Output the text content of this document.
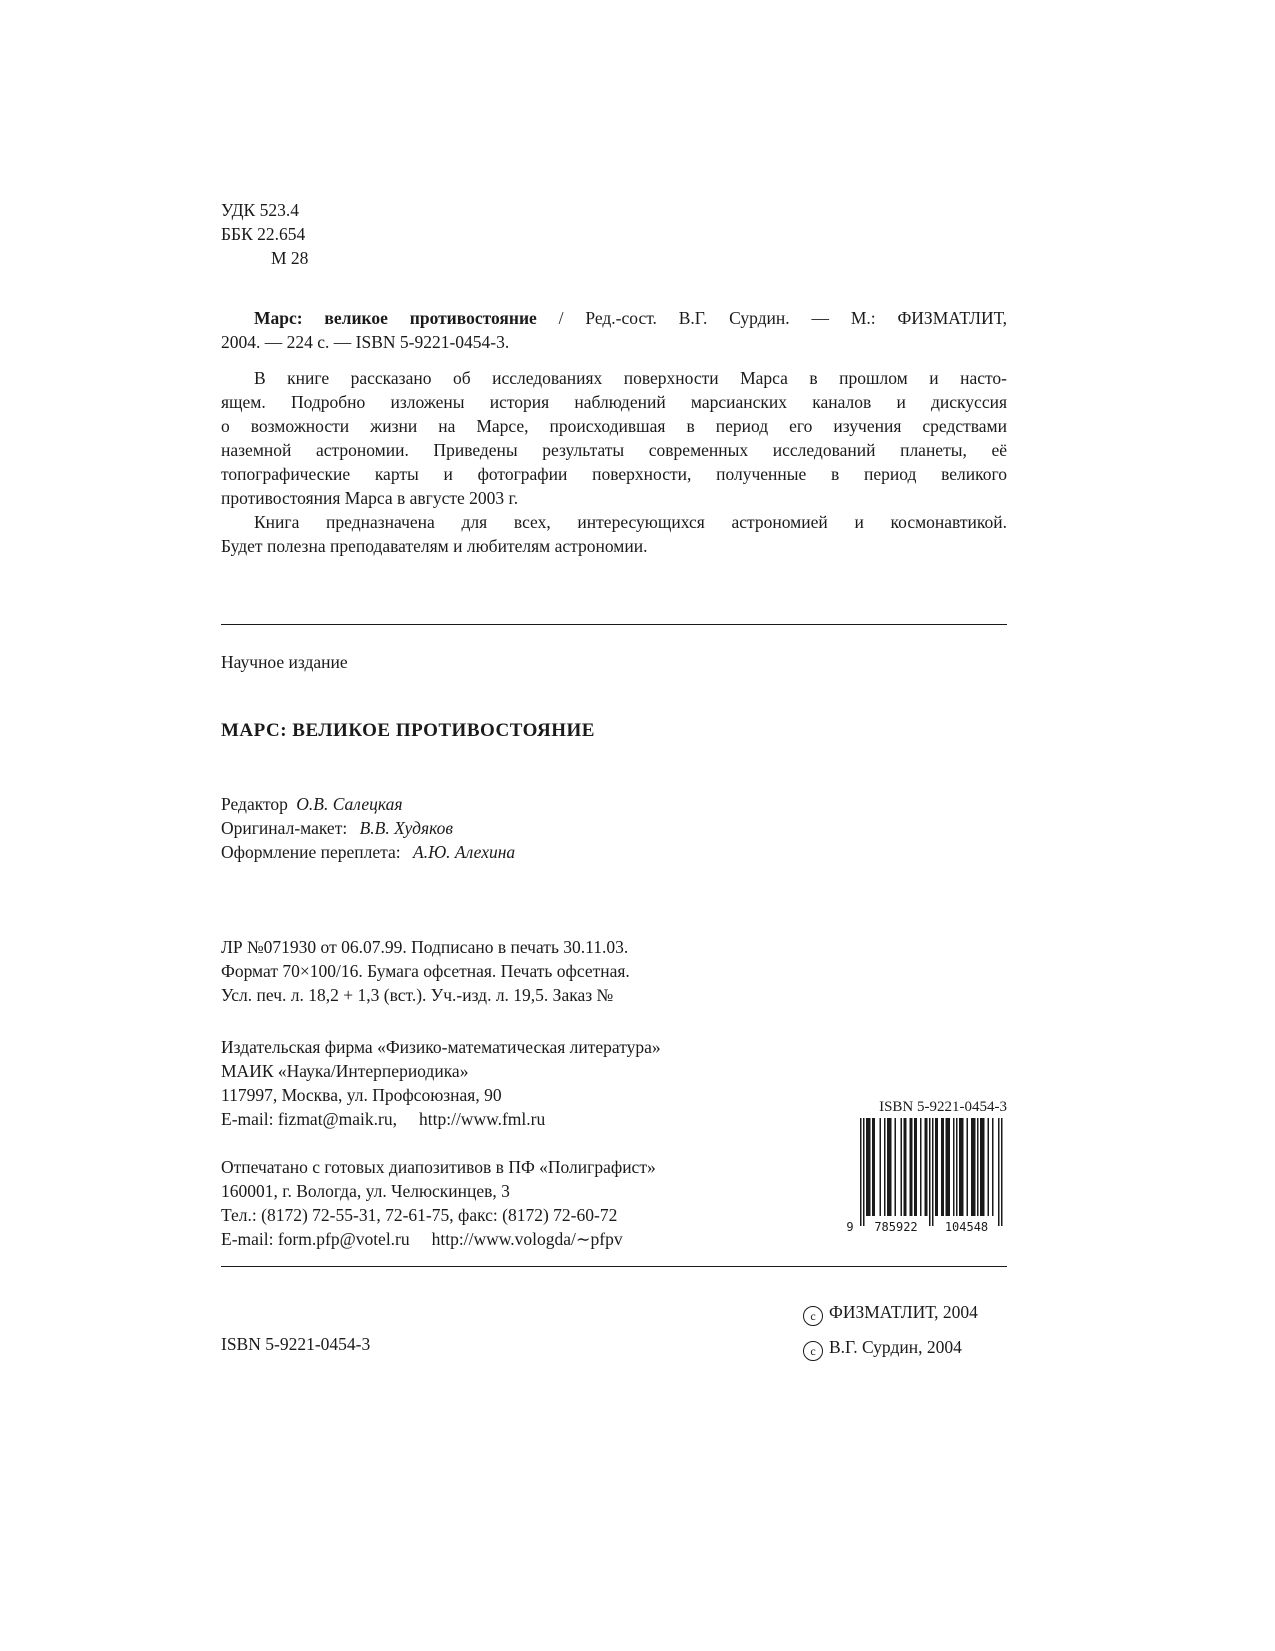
УДК 523.4
ББК 22.654
М 28
Марс: великое противостояние / Ред.-сост. В.Г. Сурдин. — М.: ФИЗМАТЛИТ,
2004. — 224 с. — ISBN 5-9221-0454-3.
В книге рассказано об исследованиях поверхности Марса в прошлом и насто-
ящем. Подробно изложены история наблюдений марсианских каналов и дискуссия
о возможности жизни на Марсе, происходившая в период его изучения средствами
наземной астрономии. Приведены результаты современных исследований планеты, её
топографические карты и фотографии поверхности, полученные в период великого
противостояния Марса в августе 2003 г.
Книга предназначена для всех, интересующихся астрономией и космонавтикой.
Будет полезна преподавателям и любителям астрономии.
Научное издание
МАРС: ВЕЛИКОЕ ПРОТИВОСТОЯНИЕ
Редактор О.В. Салецкая
Оригинал-макет: В.В. Худяков
Оформление переплета: А.Ю. Алехина
ЛР №071930 от 06.07.99. Подписано в печать 30.11.03.
Формат 70×100/16. Бумага офсетная. Печать офсетная.
Усл. печ. л. 18,2 + 1,3 (вст.). Уч.-изд. л. 19,5. Заказ №
Издательская фирма «Физико-математическая литература»
МАИК «Наука/Интерпериодика»
117997, Москва, ул. Профсоюзная, 90
E-mail: fizmat@maik.ru, http://www.fml.ru
Отпечатано с готовых диапозитивов в ПФ «Полиграфист»
160001, г. Вологда, ул. Челюскинцев, 3
Тел.: (8172) 72-55-31, 72-61-75, факс: (8172) 72-60-72
E-mail: form.pfp@votel.ru http://www.vologda/∼pfpv
ISBN 5-9221-0454-3
9 785922 104548
ISBN 5-9221-0454-3
c ФИЗМАТЛИТ, 2004
c В.Г. Сурдин, 2004
